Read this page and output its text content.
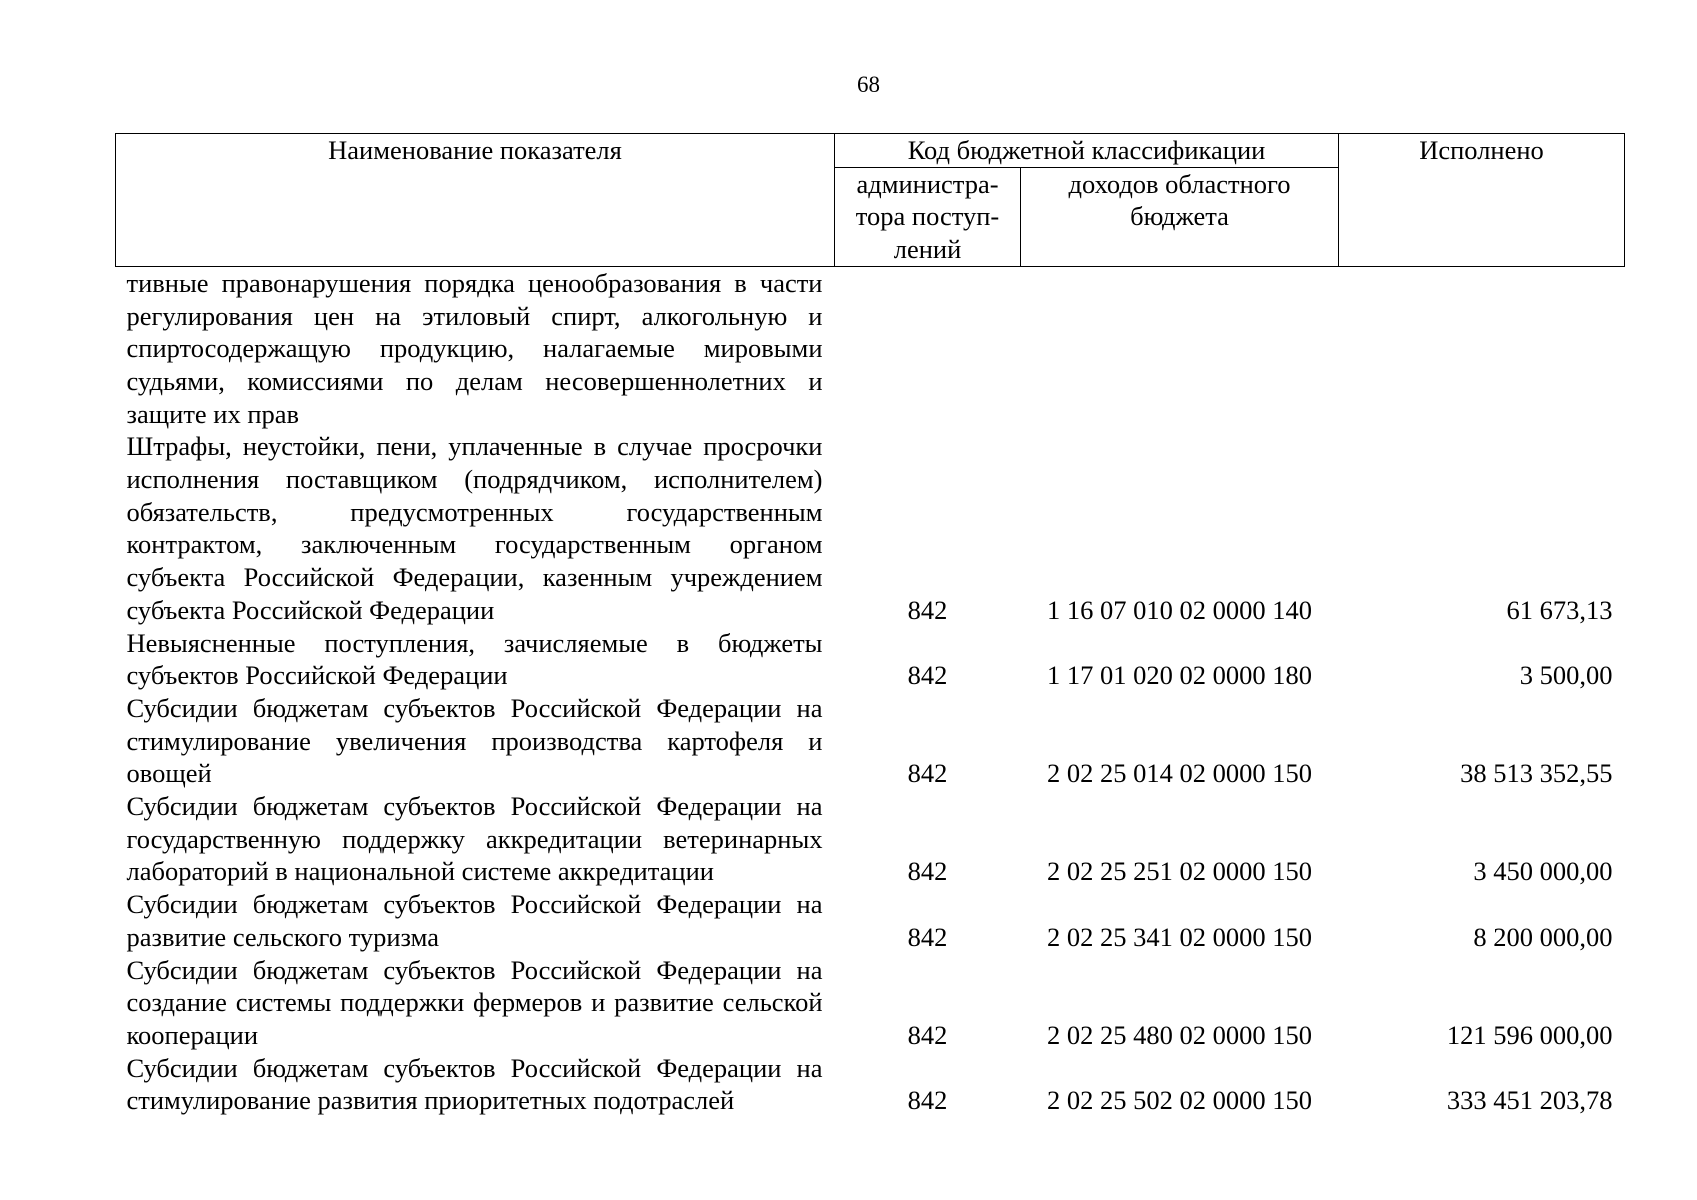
68
Наименование показателя	Код бюджетной классификации		Исполнено
	администра-тора поступ-лений	доходов областного бюджета	
тивные правонарушения порядка ценообразования в части регулирования цен на этиловый спирт, алкогольную и спиртосодержащую продукцию, налагаемые мировыми судьями, комиссиями по делам несовершеннолетних и защите их прав			
Штрафы, неустойки, пени, уплаченные в случае просрочки исполнения поставщиком (подрядчиком, исполнителем) обязательств, предусмотренных государственным контрактом, заключенным государственным органом субъекта Российской Федерации, казенным учреждением субъекта Российской Федерации	842	1 16 07 010 02 0000 140	61 673,13
Невыясненные поступления, зачисляемые в бюджеты субъектов Российской Федерации	842	1 17 01 020 02 0000 180	3 500,00
Субсидии бюджетам субъектов Российской Федерации на стимулирование увеличения производства картофеля и овощей	842	2 02 25 014 02 0000 150	38 513 352,55
Субсидии бюджетам субъектов Российской Федерации на государственную поддержку аккредитации ветеринарных лабораторий в национальной системе аккредитации	842	2 02 25 251 02 0000 150	3 450 000,00
Субсидии бюджетам субъектов Российской Федерации на развитие сельского туризма	842	2 02 25 341 02 0000 150	8 200 000,00
Субсидии бюджетам субъектов Российской Федерации на создание системы поддержки фермеров и развитие сельской кооперации	842	2 02 25 480 02 0000 150	121 596 000,00
Субсидии бюджетам субъектов Российской Федерации на стимулирование развития приоритетных подотраслей	842	2 02 25 502 02 0000 150	333 451 203,78
